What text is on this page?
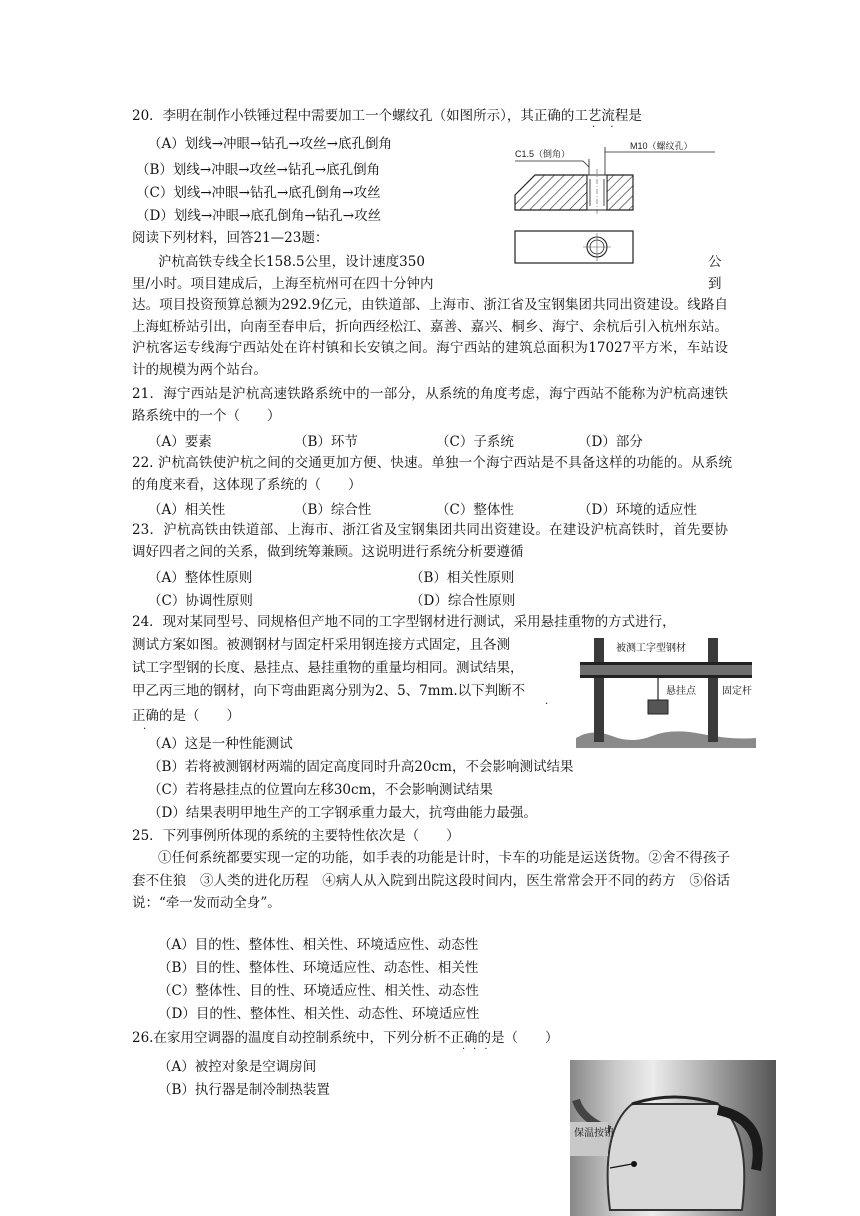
20．李明在制作小铁锤过程中需要加工一个螺纹孔（如图所示），其正确的工艺流程是
· ·
（A）划线→冲眼→钻孔→攻丝→底孔倒角
（B）划线→冲眼→攻丝→钻孔→底孔倒角
（C）划线→冲眼→钻孔→底孔倒角→攻丝
（D）划线→冲眼→底孔倒角→钻孔→攻丝
C1.5（倒角）
M10（螺纹孔）
阅读下列材料，回答21—23题：
沪杭高铁专线全长158.5公里，设计速度350	公
里/小时。项目建成后，上海至杭州可在四十分钟内	到
达。项目投资预算总额为292.9亿元，由铁道部、上海市、浙江省及宝钢集团共同出资建设。线路自上海虹桥站引出，向南至春申后，折向西经松江、嘉善、嘉兴、桐乡、海宁、余杭后引入杭州东站。沪杭客运专线海宁西站处在许村镇和长安镇之间。海宁西站的建筑总面积为17027平方米，车站设计的规模为两个站台。
21．海宁西站是沪杭高速铁路系统中的一部分，从系统的角度考虑，海宁西站不能称为沪杭高速铁路系统中的一个（　　）
（A）要素	（B）环节	（C）子系统	（D）部分
22. 沪杭高铁使沪杭之间的交通更加方便、快速。单独一个海宁西站是不具备这样的功能的。从系统的角度来看，这体现了系统的（　　）
（A）相关性	（B）综合性	（C）整体性	（D）环境的适应性
23．沪杭高铁由铁道部、上海市、浙江省及宝钢集团共同出资建设。在建设沪杭高铁时，首先要协调好四者之间的关系，做到统筹兼顾。这说明进行系统分析要遵循
（A）整体性原则	（B）相关性原则
（C）协调性原则	（D）综合性原则
24．现对某同型号、同规格但产地不同的工字型钢材进行测试，采用悬挂重物的方式进行，
测试方案如图。被测钢材与固定杆采用钢连接方式固定，且各测
试工字型钢的长度、悬挂点、悬挂重物的重量均相同。测试结果，
甲乙丙三地的钢材，向下弯曲距离分别为2、5、7mm.以下判断不
正确的是（　　）
·
·
被测工字型钢材
悬挂点	固定杆
（A）这是一种性能测试
（B）若将被测钢材两端的固定高度同时升高20cm，不会影响测试结果
（C）若将悬挂点的位置向左移30cm，不会影响测试结果
（D）结果表明甲地生产的工字钢承重力最大，抗弯曲能力最强。
25．下列事例所体现的系统的主要特性依次是（　　）
①任何系统都要实现一定的功能，如手表的功能是计时，卡车的功能是运送货物。②舍不得孩子套不住狼　③人类的进化历程　④病人从入院到出院这段时间内，医生常常会开不同的药方　⑤俗话说：“牵一发而动全身”。
（A）目的性、整体性、相关性、环境适应性、动态性
（B）目的性、整体性、环境适应性、动态性、相关性
（C）整体性、目的性、环境适应性、相关性、动态性
（D）目的性、整体性、相关性、动态性、环境适应性
26.在家用空调器的温度自动控制系统中，下列分析不正确的是（　　）
···
（A）被控对象是空调房间
（B）执行器是制冷制热装置
保温按钮
